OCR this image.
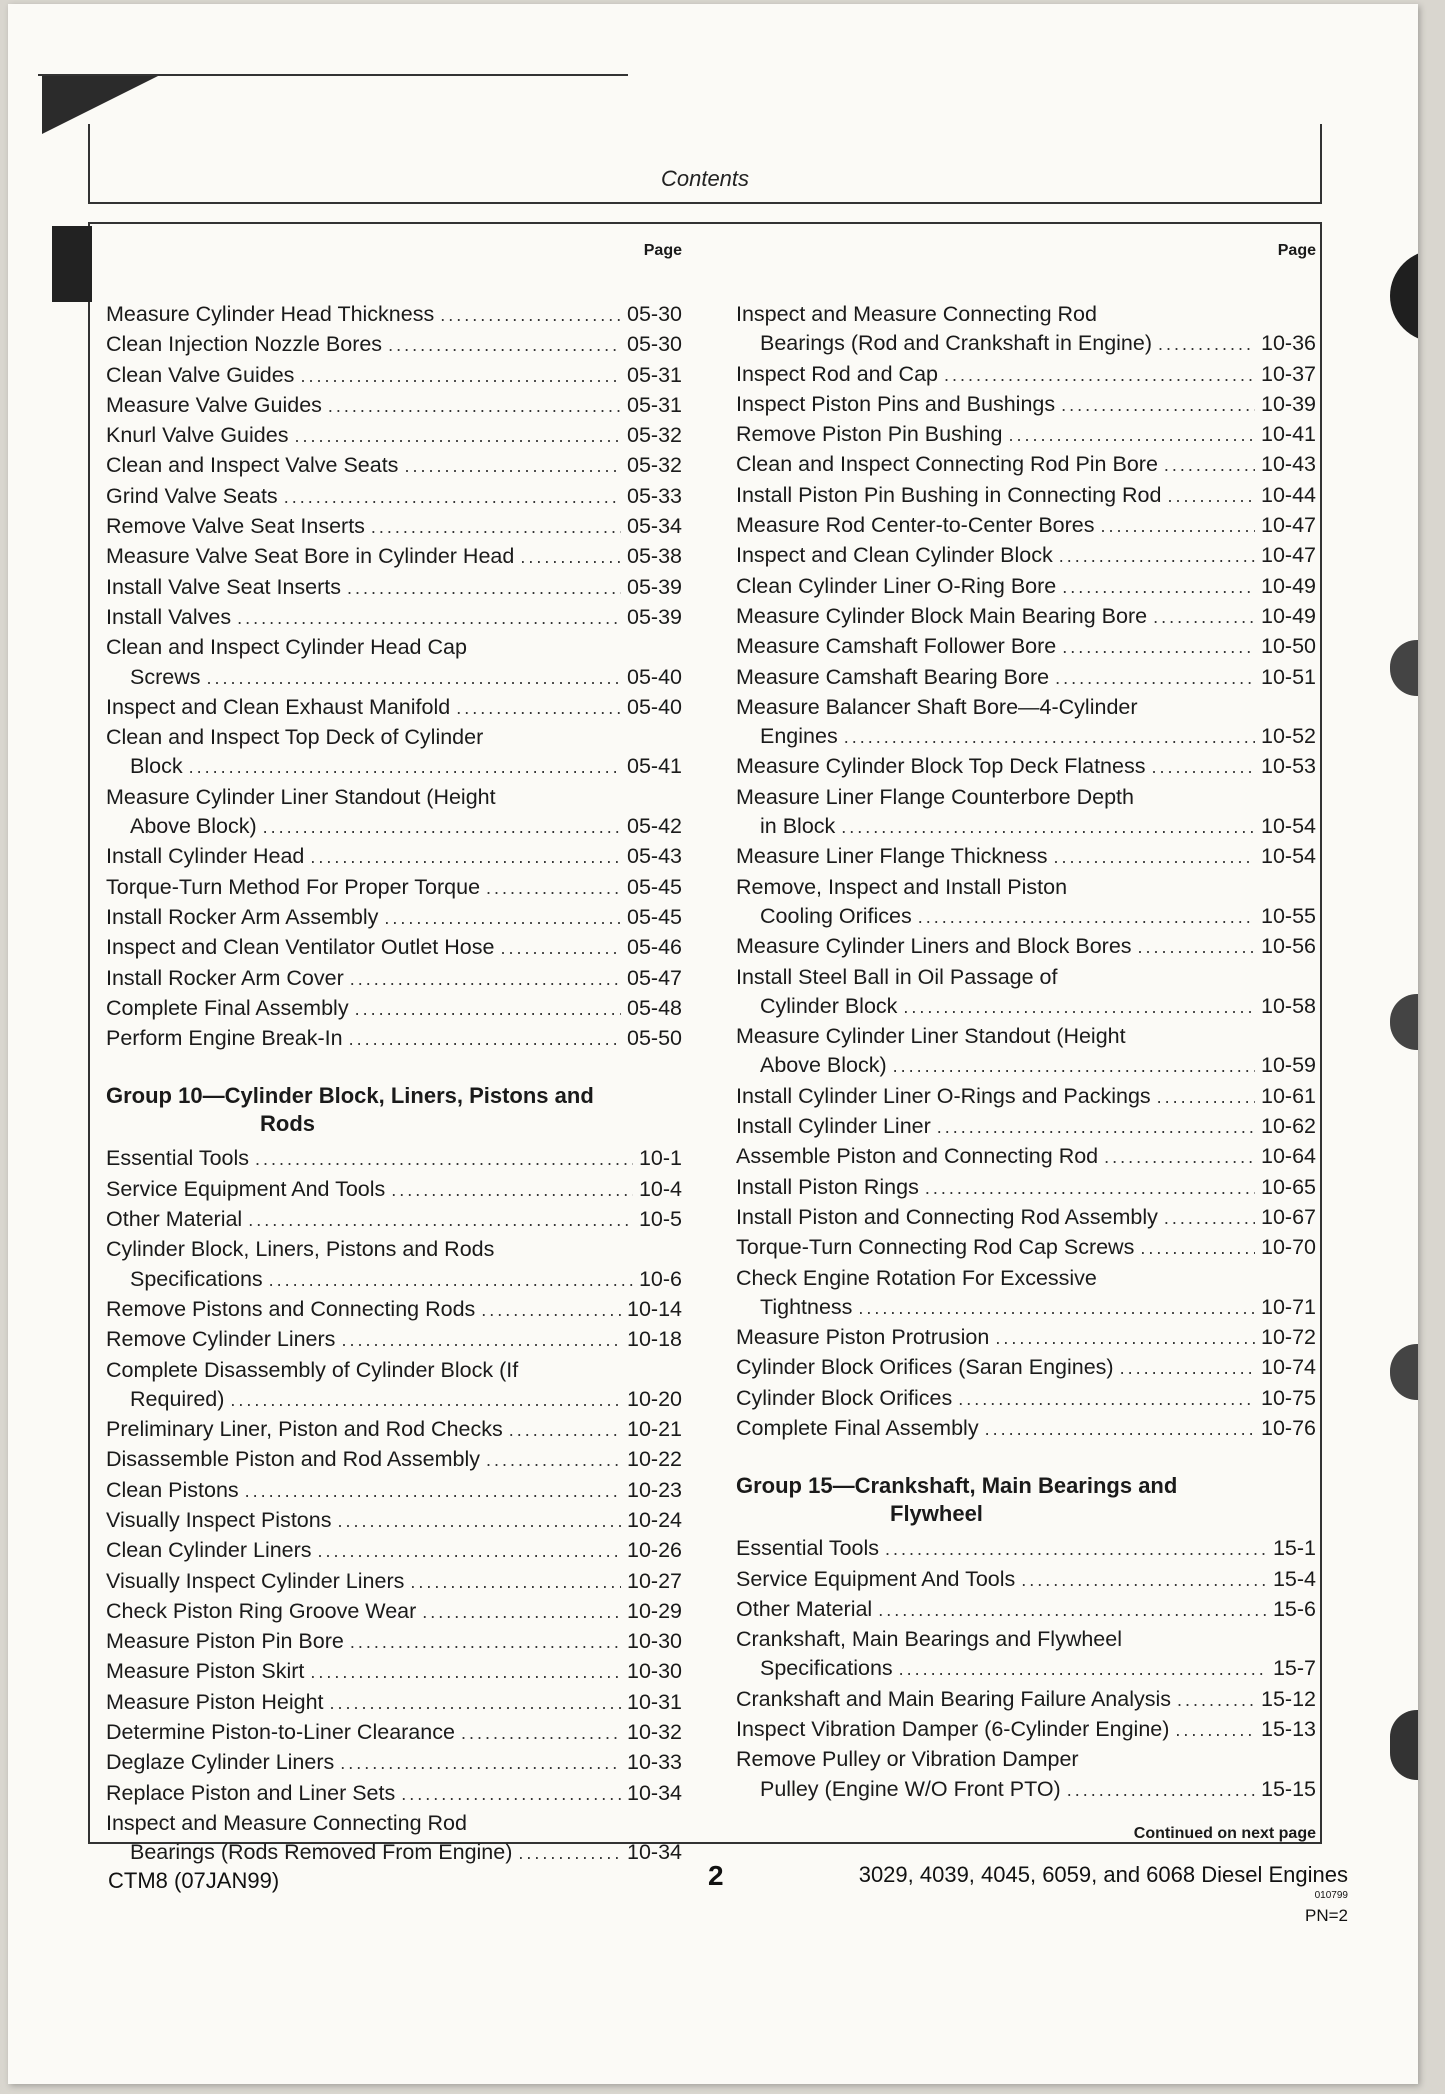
Contents
Page
Measure Cylinder Head Thickness .....	05-30
Clean Injection Nozzle Bores .....	05-30
Clean Valve Guides .....	05-31
Measure Valve Guides .....	05-31
Knurl Valve Guides .....	05-32
Clean and Inspect Valve Seats .....	05-32
Grind Valve Seats .....	05-33
Remove Valve Seat Inserts .....	05-34
Measure Valve Seat Bore in Cylinder Head .....	05-38
Install Valve Seat Inserts .....	05-39
Install Valves .....	05-39
Clean and Inspect Cylinder Head Cap
Screws .....	05-40
Inspect and Clean Exhaust Manifold .....	05-40
Clean and Inspect Top Deck of Cylinder
Block .....	05-41
Measure Cylinder Liner Standout (Height
Above Block) .....	05-42
Install Cylinder Head .....	05-43
Torque-Turn Method For Proper Torque .....	05-45
Install Rocker Arm Assembly .....	05-45
Inspect and Clean Ventilator Outlet Hose .....	05-46
Install Rocker Arm Cover .....	05-47
Complete Final Assembly .....	05-48
Perform Engine Break-In .....	05-50
Group 10—Cylinder Block, Liners, Pistons and
Rods
Essential Tools .....	10-1
Service Equipment And Tools .....	10-4
Other Material .....	10-5
Cylinder Block, Liners, Pistons and Rods
Specifications .....	10-6
Remove Pistons and Connecting Rods .....	10-14
Remove Cylinder Liners .....	10-18
Complete Disassembly of Cylinder Block (If
Required) .....	10-20
Preliminary Liner, Piston and Rod Checks .....	10-21
Disassemble Piston and Rod Assembly .....	10-22
Clean Pistons .....	10-23
Visually Inspect Pistons .....	10-24
Clean Cylinder Liners .....	10-26
Visually Inspect Cylinder Liners .....	10-27
Check Piston Ring Groove Wear .....	10-29
Measure Piston Pin Bore .....	10-30
Measure Piston Skirt .....	10-30
Measure Piston Height .....	10-31
Determine Piston-to-Liner Clearance .....	10-32
Deglaze Cylinder Liners .....	10-33
Replace Piston and Liner Sets .....	10-34
Inspect and Measure Connecting Rod
Bearings (Rods Removed From Engine) .....	10-34
Page
Inspect and Measure Connecting Rod
Bearings (Rod and Crankshaft in Engine) .....	10-36
Inspect Rod and Cap .....	10-37
Inspect Piston Pins and Bushings .....	10-39
Remove Piston Pin Bushing .....	10-41
Clean and Inspect Connecting Rod Pin Bore .....	10-43
Install Piston Pin Bushing in Connecting Rod .....	10-44
Measure Rod Center-to-Center Bores .....	10-47
Inspect and Clean Cylinder Block .....	10-47
Clean Cylinder Liner O-Ring Bore .....	10-49
Measure Cylinder Block Main Bearing Bore .....	10-49
Measure Camshaft Follower Bore .....	10-50
Measure Camshaft Bearing Bore .....	10-51
Measure Balancer Shaft Bore—4-Cylinder
Engines .....	10-52
Measure Cylinder Block Top Deck Flatness .....	10-53
Measure Liner Flange Counterbore Depth
in Block .....	10-54
Measure Liner Flange Thickness .....	10-54
Remove, Inspect and Install Piston
Cooling Orifices .....	10-55
Measure Cylinder Liners and Block Bores .....	10-56
Install Steel Ball in Oil Passage of
Cylinder Block .....	10-58
Measure Cylinder Liner Standout (Height
Above Block) .....	10-59
Install Cylinder Liner O-Rings and Packings .....	10-61
Install Cylinder Liner .....	10-62
Assemble Piston and Connecting Rod .....	10-64
Install Piston Rings .....	10-65
Install Piston and Connecting Rod Assembly .....	10-67
Torque-Turn Connecting Rod Cap Screws .....	10-70
Check Engine Rotation For Excessive
Tightness .....	10-71
Measure Piston Protrusion .....	10-72
Cylinder Block Orifices (Saran Engines) .....	10-74
Cylinder Block Orifices .....	10-75
Complete Final Assembly .....	10-76
Group 15—Crankshaft, Main Bearings and
Flywheel
Essential Tools .....	15-1
Service Equipment And Tools .....	15-4
Other Material .....	15-6
Crankshaft, Main Bearings and Flywheel
Specifications .....	15-7
Crankshaft and Main Bearing Failure Analysis .....	15-12
Inspect Vibration Damper (6-Cylinder Engine) .....	15-13
Remove Pulley or Vibration Damper
Pulley (Engine W/O Front PTO) .....	15-15
Continued on next page
CTM8 (07JAN99)	2	3029, 4039, 4045, 6059, and 6068 Diesel Engines
010799
PN=2
